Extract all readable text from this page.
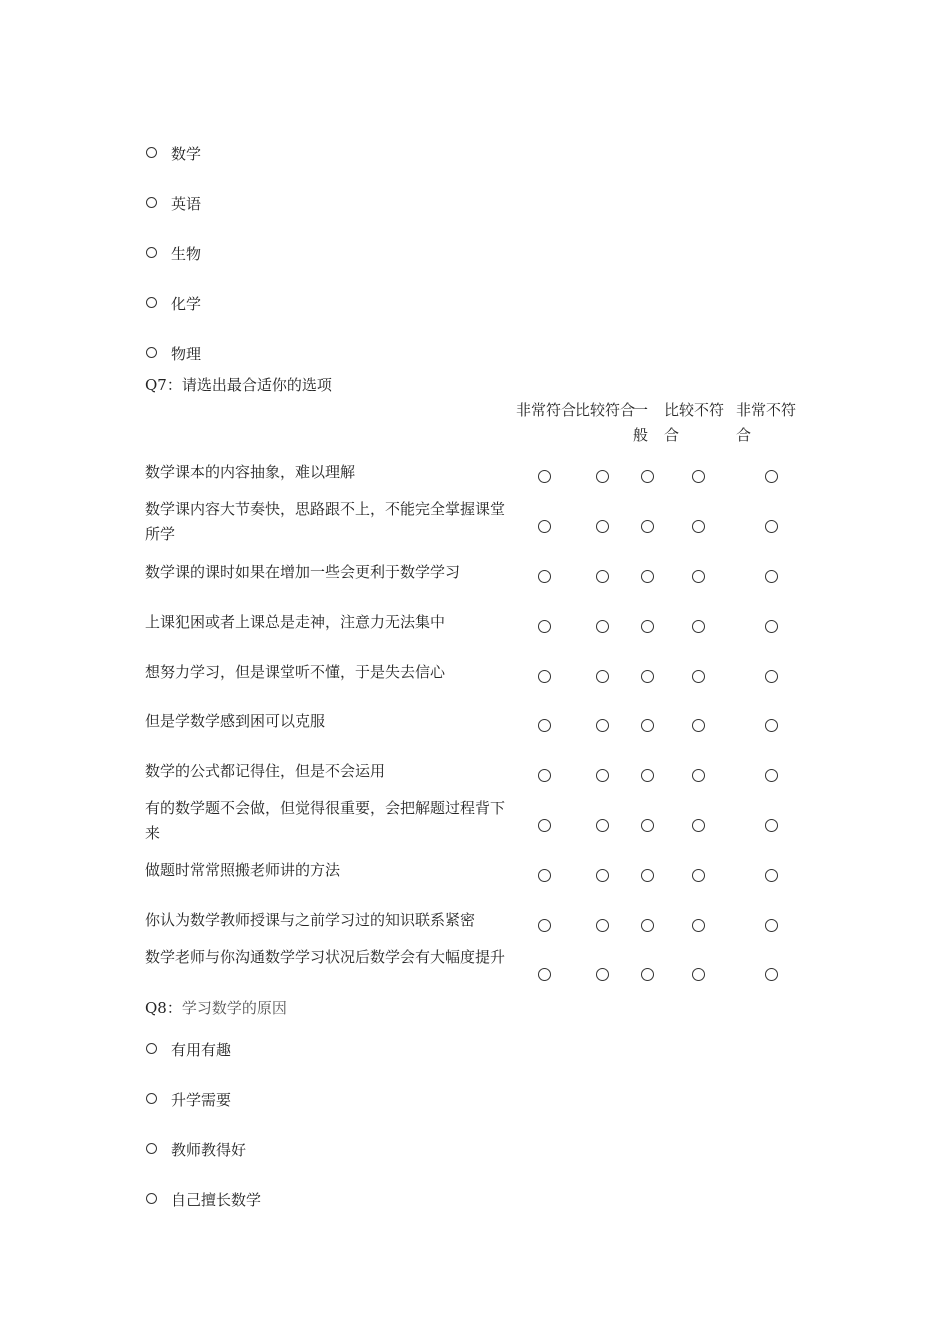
数学
英语
生物
化学
物理
Q7：请选出最合适你的选项
非常符合
比较符合
一般
比较不符合
非常不符合
数学课本的内容抽象，难以理解
数学课内容大节奏快，思路跟不上，不能完全掌握课堂所学
数学课的课时如果在增加一些会更利于数学学习
上课犯困或者上课总是走神，注意力无法集中
想努力学习，但是课堂听不懂，于是失去信心
但是学数学感到困可以克服
数学的公式都记得住，但是不会运用
有的数学题不会做，但觉得很重要，会把解题过程背下来
做题时常常照搬老师讲的方法
你认为数学教师授课与之前学习过的知识联系紧密
数学老师与你沟通数学学习状况后数学会有大幅度提升
Q8：学习数学的原因
有用有趣
升学需要
教师教得好
自己擅长数学
